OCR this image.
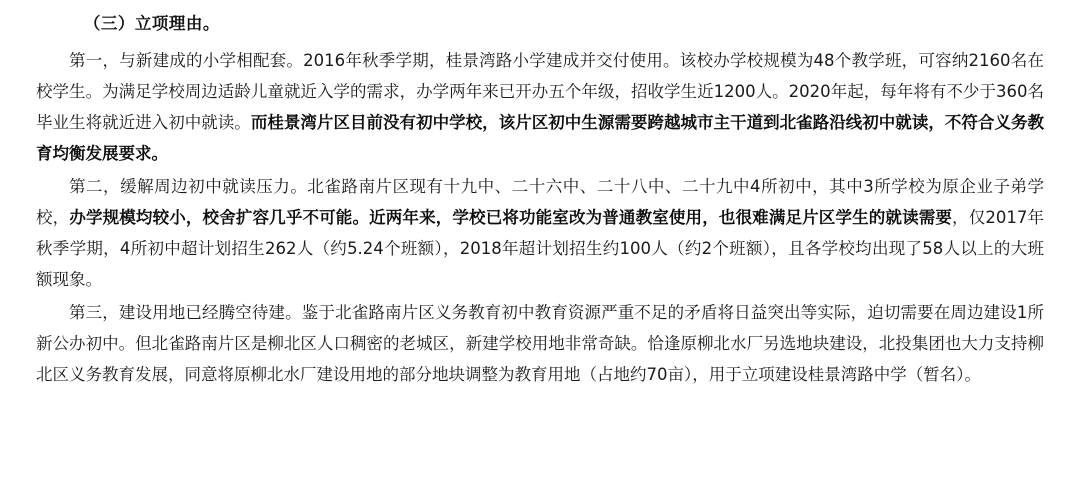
（三）立项理由。

第一，与新建成的小学相配套。2016年秋季学期，桂景湾路小学建成并交付使用。该校办学校规模为48个教学班，可容纳2160名在校学生。为满足学校周边适龄儿童就近入学的需求，办学两年来已开办五个年级，招收学生近1200人。2020年起，每年将有不少于360名毕业生将就近进入初中就读。而桂景湾片区目前没有初中学校，该片区初中生源需要跨越城市主干道到北雀路沿线初中就读，不符合义务教育均衡发展要求。

第二，缓解周边初中就读压力。北雀路南片区现有十九中、二十六中、二十八中、二十九中4所初中，其中3所学校为原企业子弟学校，办学规模均较小，校舍扩容几乎不可能。近两年来，学校已将功能室改为普通教室使用，也很难满足片区学生的就读需要，仅2017年秋季学期，4所初中超计划招生262人（约5.24个班额），2018年超计划招生约100人（约2个班额），且各学校均出现了58人以上的大班额现象。

第三，建设用地已经腾空待建。鉴于北雀路南片区义务教育初中教育资源严重不足的矛盾将日益突出等实际，迫切需要在周边建设1所新公办初中。但北雀路南片区是柳北区人口稠密的老城区，新建学校用地非常奇缺。恰逢原柳北水厂另选地块建设，北投集团也大力支持柳北区义务教育发展，同意将原柳北水厂建设用地的部分地块调整为教育用地（占地约70亩），用于立项建设桂景湾路中学（暂名）。
